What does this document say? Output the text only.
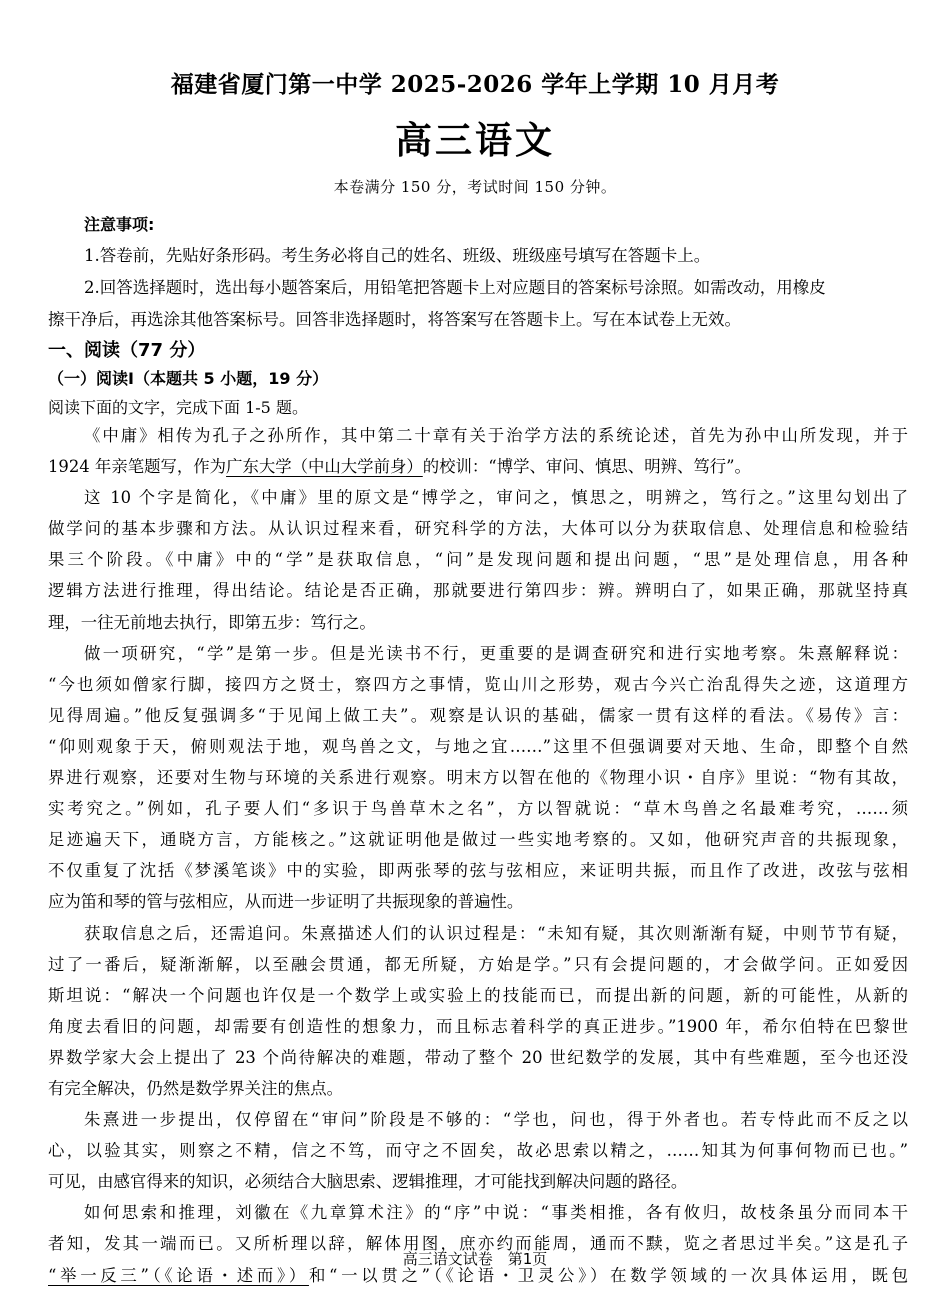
福建省厦门第一中学 2025-2026 学年上学期 10 月月考
高三语文
本卷满分 150 分，考试时间 150 分钟。
注意事项:
1.答卷前，先贴好条形码。考生务必将自己的姓名、班级、班级座号填写在答题卡上。
2.回答选择题时，选出每小题答案后，用铅笔把答题卡上对应题目的答案标号涂照。如需改动，用橡皮
擦干净后，再选涂其他答案标号。回答非选择题时，将答案写在答题卡上。写在本试卷上无效。
一、阅读（77 分）
（一）阅读Ⅰ（本题共 5 小题，19 分）
阅读下面的文字，完成下面 1-5 题。
《中庸》相传为孔子之孙所作，其中第二十章有关于治学方法的系统论述，首先为孙中山所发现，并于
1924 年亲笔题写，作为广东大学（中山大学前身）的校训：“博学、审问、慎思、明辨、笃行”。
这 10 个字是简化，《中庸》里的原文是“博学之，审问之，慎思之，明辨之，笃行之。”这里勾划出了
做学问的基本步骤和方法。从认识过程来看，研究科学的方法，大体可以分为获取信息、处理信息和检验结
果三个阶段。《中庸》中的“学”是获取信息，“问”是发现问题和提出问题，“思”是处理信息，用各种
逻辑方法进行推理，得出结论。结论是否正确，那就要进行第四步：辨。辨明白了，如果正确，那就坚持真
理，一往无前地去执行，即第五步：笃行之。
做一项研究，“学”是第一步。但是光读书不行，更重要的是调查研究和进行实地考察。朱熹解释说：
“今也须如僧家行脚，接四方之贤士，察四方之事情，览山川之形势，观古今兴亡治乱得失之迹，这道理方
见得周遍。”他反复强调多“于见闻上做工夫”。观察是认识的基础，儒家一贯有这样的看法。《易传》言：
“仰则观象于天，俯则观法于地，观鸟兽之文，与地之宜……”这里不但强调要对天地、生命，即整个自然
界进行观察，还要对生物与环境的关系进行观察。明末方以智在他的《物理小识・自序》里说：“物有其故，
实考究之。”例如，孔子要人们“多识于鸟兽草木之名”，方以智就说：“草木鸟兽之名最难考究，……须
足迹遍天下，通晓方言，方能核之。”这就证明他是做过一些实地考察的。又如，他研究声音的共振现象，
不仅重复了沈括《梦溪笔谈》中的实验，即两张琴的弦与弦相应，来证明共振，而且作了改进，改弦与弦相
应为笛和琴的管与弦相应，从而进一步证明了共振现象的普遍性。
获取信息之后，还需追问。朱熹描述人们的认识过程是：“未知有疑，其次则渐渐有疑，中则节节有疑，
过了一番后，疑渐渐解，以至融会贯通，都无所疑，方始是学。”只有会提问题的，才会做学问。正如爱因
斯坦说：“解决一个问题也许仅是一个数学上或实验上的技能而已，而提出新的问题，新的可能性，从新的
角度去看旧的问题，却需要有创造性的想象力，而且标志着科学的真正进步。”1900 年，希尔伯特在巴黎世
界数学家大会上提出了 23 个尚待解决的难题，带动了整个 20 世纪数学的发展，其中有些难题，至今也还没
有完全解决，仍然是数学界关注的焦点。
朱熹进一步提出，仅停留在“审问”阶段是不够的：“学也，问也，得于外者也。若专恃此而不反之以
心，以验其实，则察之不精，信之不笃，而守之不固矣，故必思索以精之，……知其为何事何物而已也。”
可见，由感官得来的知识，必须结合大脑思索、逻辑推理，才可能找到解决问题的路径。
如何思索和推理，刘徽在《九章算术注》的“序”中说：“事类相推，各有攸归，故枝条虽分而同本干
者知，发其一端而已。又所析理以辞，解体用图，庶亦约而能周，通而不黩，览之者思过半矣。”这是孔子
“举一反三”（《论语・述而》）和“一以贯之”（《论语・卫灵公》）在数学领域的一次具体运用，既包
高三语文试卷　第1页
